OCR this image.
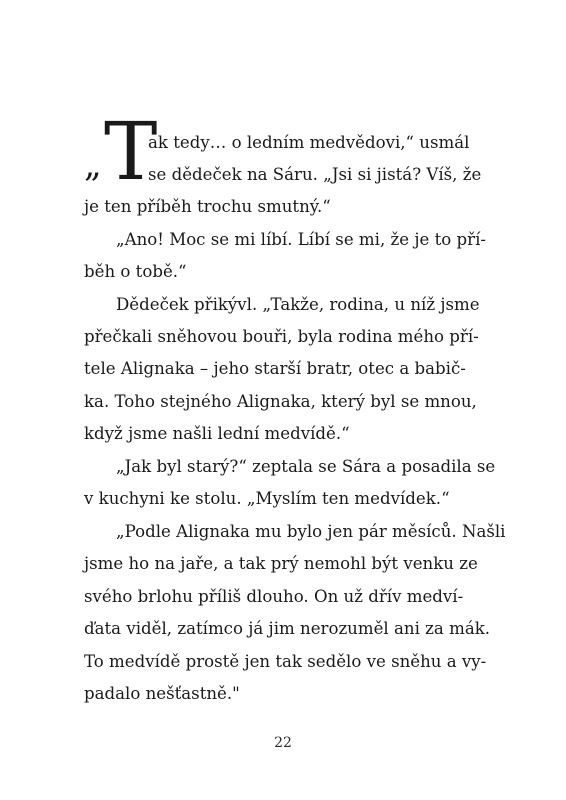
„ T
ak tedy… o ledním medvědovi,“ usmál
se dědeček na Sáru. „Jsi si jistá? Víš, že
je ten příběh trochu smutný.“
„Ano! Moc se mi líbí. Líbí se mi, že je to pří-
běh o tobě.“
Dědeček přikývl. „Takže, rodina, u níž jsme
přečkali sněhovou bouři, byla rodina mého pří-
tele Alignaka – jeho starší bratr, otec a babič-
ka. Toho stejného Alignaka, který byl se mnou,
když jsme našli lední medvídě.“
„Jak byl starý?“ zeptala se Sára a posadila se
v kuchyni ke stolu. „Myslím ten medvídek.“
„Podle Alignaka mu bylo jen pár měsíců. Našli
jsme ho na jaře, a tak prý nemohl být venku ze
svého brlohu příliš dlouho. On už dřív medví-
ďata viděl, zatímco já jim nerozuměl ani za mák.
To medvídě prostě jen tak sedělo ve sněhu a vy-
padalo nešťastně."
22
